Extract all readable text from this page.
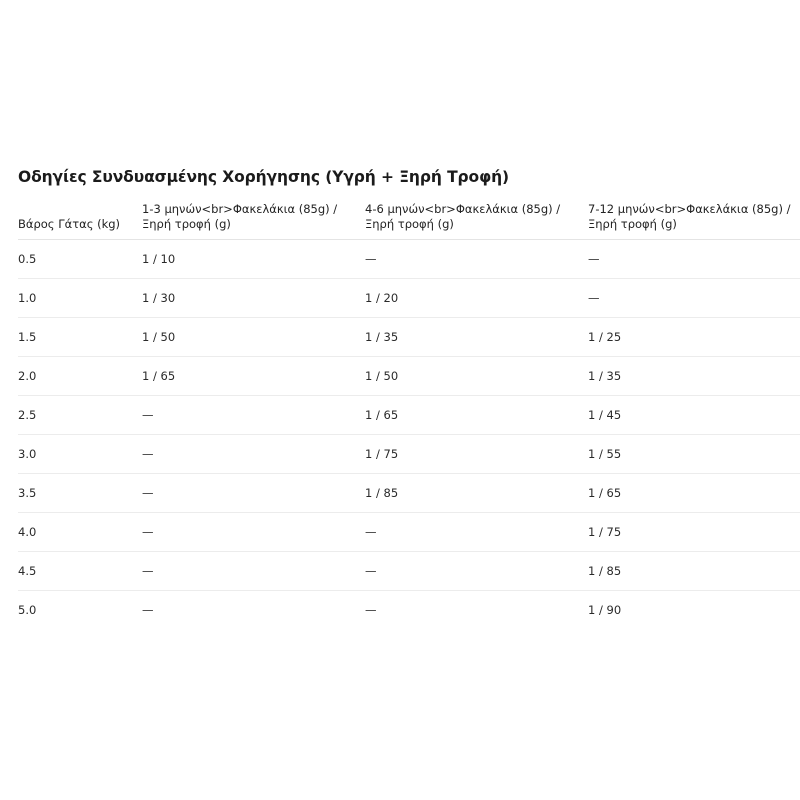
Οδηγίες Συνδυασμένης Χορήγησης (Υγρή + Ξηρή Τροφή)
Βάρος Γάτας (kg)	1-3 μηνών<br>Φακελάκια (85g) / Ξηρή τροφή (g)	4-6 μηνών<br>Φακελάκια (85g) / Ξηρή τροφή (g)	7-12 μηνών<br>Φακελάκια (85g) / Ξηρή τροφή (g)
0.5	1 / 10	—	—
1.0	1 / 30	1 / 20	—
1.5	1 / 50	1 / 35	1 / 25
2.0	1 / 65	1 / 50	1 / 35
2.5	—	1 / 65	1 / 45
3.0	—	1 / 75	1 / 55
3.5	—	1 / 85	1 / 65
4.0	—	—	1 / 75
4.5	—	—	1 / 85
5.0	—	—	1 / 90
